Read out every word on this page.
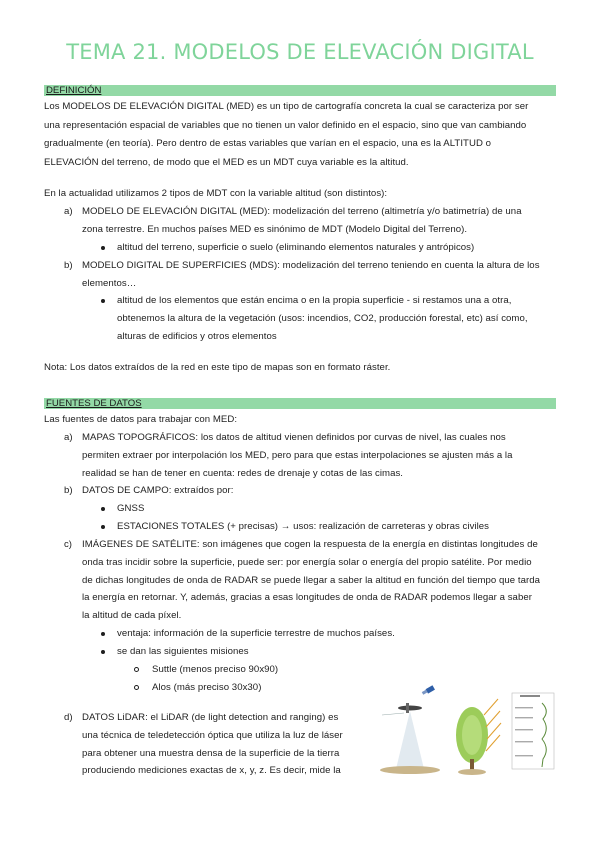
TEMA 21. MODELOS DE ELEVACIÓN DIGITAL
DEFINICIÓN
Los MODELOS DE ELEVACIÓN DIGITAL (MED) es un tipo de cartografía concreta la cual se caracteriza por ser
una representación espacial de variables que no tienen un valor definido en el espacio, sino que van cambiando
gradualmente (en teoría). Pero dentro de estas variables que varían en el espacio, una es la ALTITUD o
ELEVACIÓN del terreno, de modo que el MED es un MDT cuya variable es la altitud.
En la actualidad utilizamos 2 tipos de MDT con la variable altitud (son distintos):
a) MODELO DE ELEVACIÓN DIGITAL (MED): modelización del terreno (altimetría y/o batimetría) de una
zona terrestre. En muchos países MED es sinónimo de MDT (Modelo Digital del Terreno).
altitud del terreno, superficie o suelo (eliminando elementos naturales y antrópicos)
b) MODELO DIGITAL DE SUPERFICIES (MDS): modelización del terreno teniendo en cuenta la altura de los
elementos…
altitud de los elementos que están encima o en la propia superficie - si restamos una a otra,
obtenemos la altura de la vegetación (usos: incendios, CO2, producción forestal, etc) así como,
alturas de edificios y otros elementos
Nota: Los datos extraídos de la red en este tipo de mapas son en formato ráster.
FUENTES DE DATOS
Las fuentes de datos para trabajar con MED:
a) MAPAS TOPOGRÁFICOS: los datos de altitud vienen definidos por curvas de nivel, las cuales nos
permiten extraer por interpolación los MED, pero para que estas interpolaciones se ajusten más a la
realidad se han de tener en cuenta: redes de drenaje y cotas de las cimas.
b) DATOS DE CAMPO: extraídos por:
GNSS
ESTACIONES TOTALES (+ precisas) → usos: realización de carreteras y obras civiles
c) IMÁGENES DE SATÉLITE: son imágenes que cogen la respuesta de la energía en distintas longitudes de
onda tras incidir sobre la superficie, puede ser: por energía solar o energía del propio satélite. Por medio
de dichas longitudes de onda de RADAR se puede llegar a saber la altitud en función del tiempo que tarda
la energía en retornar. Y, además, gracias a esas longitudes de onda de RADAR podemos llegar a saber
la altitud de cada píxel.
ventaja: información de la superficie terrestre de muchos países.
se dan las siguientes misiones
Suttle (menos preciso 90x90)
Alos (más preciso 30x30)
d) DATOS LiDAR: el LiDAR (de light detection and ranging) es
una técnica de teledetección óptica que utiliza la luz de láser
para obtener una muestra densa de la superficie de la tierra
produciendo mediciones exactas de x, y, z. Es decir, mide la
